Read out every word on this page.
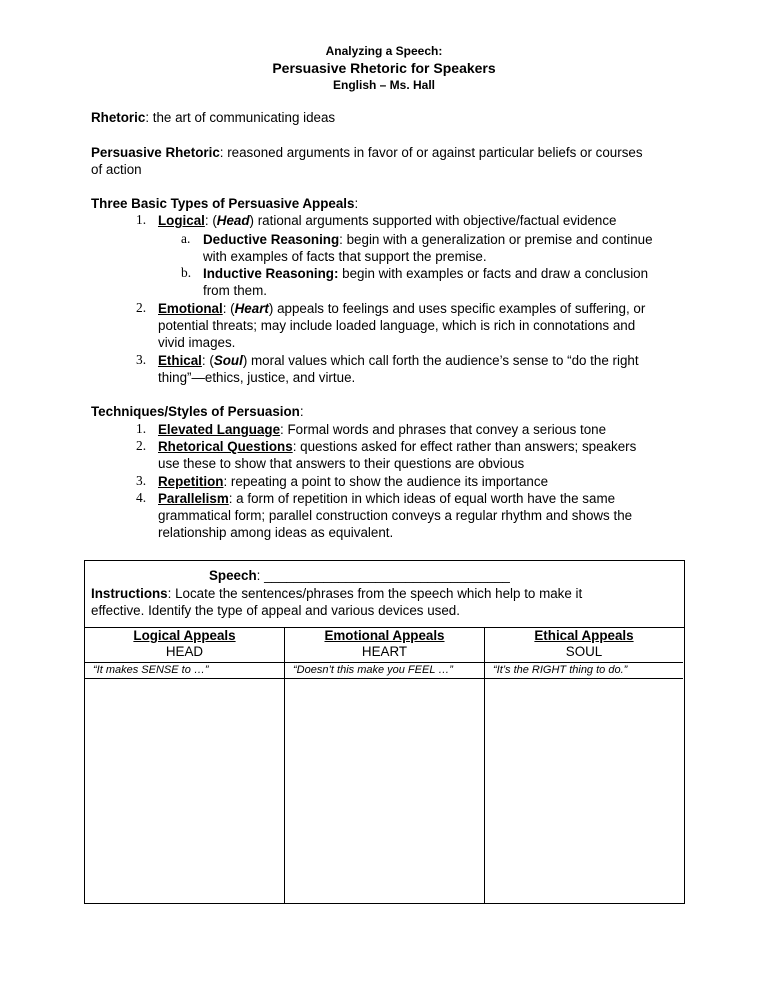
Analyzing a Speech:
Persuasive Rhetoric for Speakers
English – Ms. Hall
Rhetoric: the art of communicating ideas
Persuasive Rhetoric: reasoned arguments in favor of or against particular beliefs or courses
of action
Three Basic Types of Persuasive Appeals:
1. Logical: (Head) rational arguments supported with objective/factual evidence
a. Deductive Reasoning: begin with a generalization or premise and continue
with examples of facts that support the premise.
b. Inductive Reasoning: begin with examples or facts and draw a conclusion
from them.
2. Emotional: (Heart) appeals to feelings and uses specific examples of suffering, or
potential threats; may include loaded language, which is rich in connotations and
vivid images.
3. Ethical: (Soul) moral values which call forth the audience’s sense to “do the right
thing”—ethics, justice, and virtue.
Techniques/Styles of Persuasion:
1. Elevated Language: Formal words and phrases that convey a serious tone
2. Rhetorical Questions: questions asked for effect rather than answers; speakers
use these to show that answers to their questions are obvious
3. Repetition: repeating a point to show the audience its importance
4. Parallelism: a form of repetition in which ideas of equal worth have the same
grammatical form; parallel construction conveys a regular rhythm and shows the
relationship among ideas as equivalent.
Speech: _________________________________
Instructions: Locate the sentences/phrases from the speech which help to make it
effective. Identify the type of appeal and various devices used.
Logical Appeals
HEAD
“It makes SENSE to …”
Emotional Appeals
HEART
“Doesn’t this make you FEEL …”
Ethical Appeals
SOUL
“It’s the RIGHT thing to do.”
